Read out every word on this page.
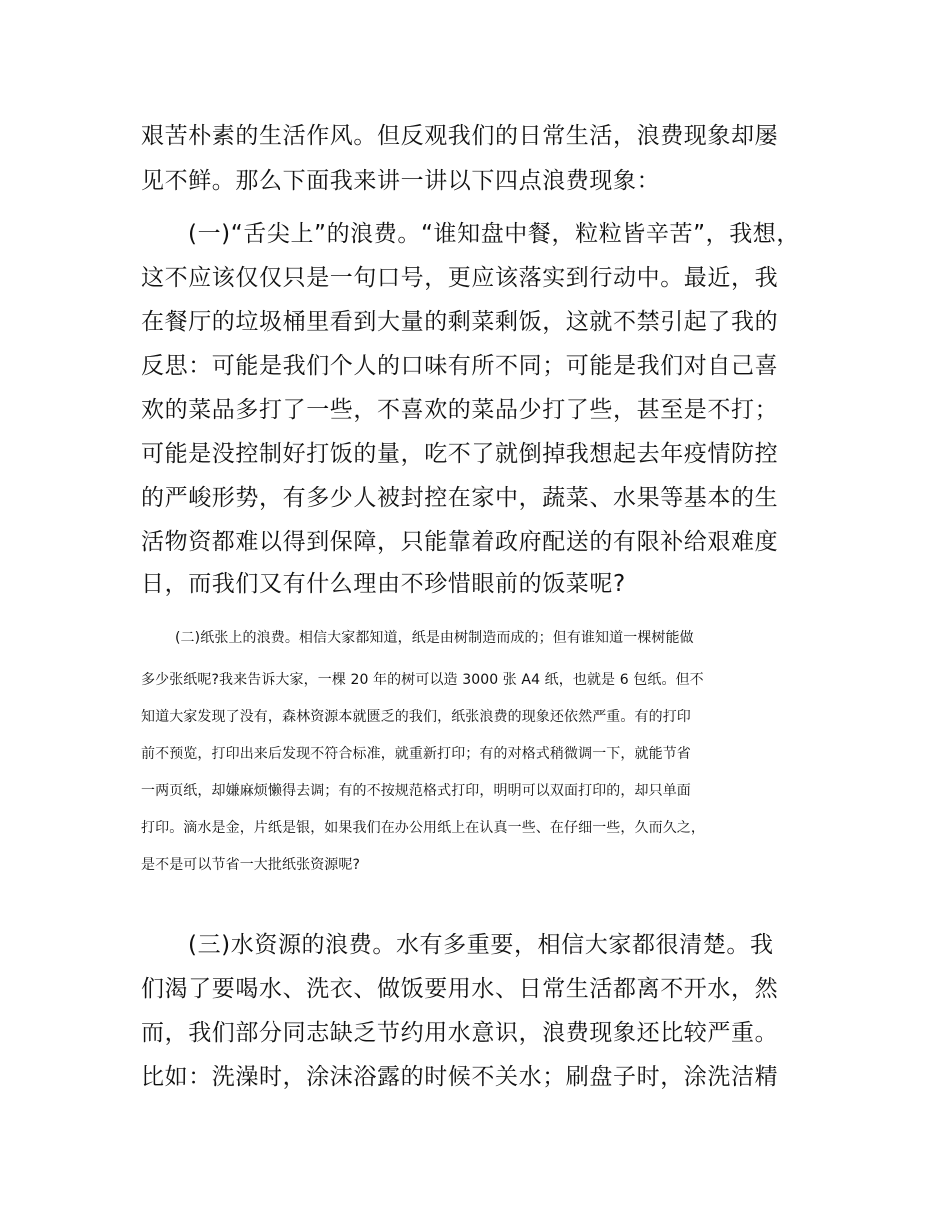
艰苦朴素的生活作风。但反观我们的日常生活，浪费现象却屡

见不鲜。那么下面我来讲一讲以下四点浪费现象：

(一)“舌尖上”的浪费。“谁知盘中餐，粒粒皆辛苦”，我想，

这不应该仅仅只是一句口号，更应该落实到行动中。最近，我

在餐厅的垃圾桶里看到大量的剩菜剩饭，这就不禁引起了我的

反思：可能是我们个人的口味有所不同；可能是我们对自己喜

欢的菜品多打了一些，不喜欢的菜品少打了些，甚至是不打；

可能是没控制好打饭的量，吃不了就倒掉我想起去年疫情防控

的严峻形势，有多少人被封控在家中，蔬菜、水果等基本的生

活物资都难以得到保障，只能靠着政府配送的有限补给艰难度

日，而我们又有什么理由不珍惜眼前的饭菜呢?

(二)纸张上的浪费。相信大家都知道，纸是由树制造而成的；但有谁知道一棵树能做

多少张纸呢?我来告诉大家，一棵 20 年的树可以造 3000 张 A4 纸，也就是 6 包纸。但不

知道大家发现了没有，森林资源本就匮乏的我们，纸张浪费的现象还依然严重。有的打印

前不预览，打印出来后发现不符合标准，就重新打印；有的对格式稍微调一下，就能节省

一两页纸，却嫌麻烦懒得去调；有的不按规范格式打印，明明可以双面打印的，却只单面

打印。滴水是金，片纸是银，如果我们在办公用纸上在认真一些、在仔细一些，久而久之，

是不是可以节省一大批纸张资源呢?

(三)水资源的浪费。水有多重要，相信大家都很清楚。我

们渴了要喝水、洗衣、做饭要用水、日常生活都离不开水，然

而，我们部分同志缺乏节约用水意识，浪费现象还比较严重。

比如：洗澡时，涂沫浴露的时候不关水；刷盘子时，涂洗洁精
